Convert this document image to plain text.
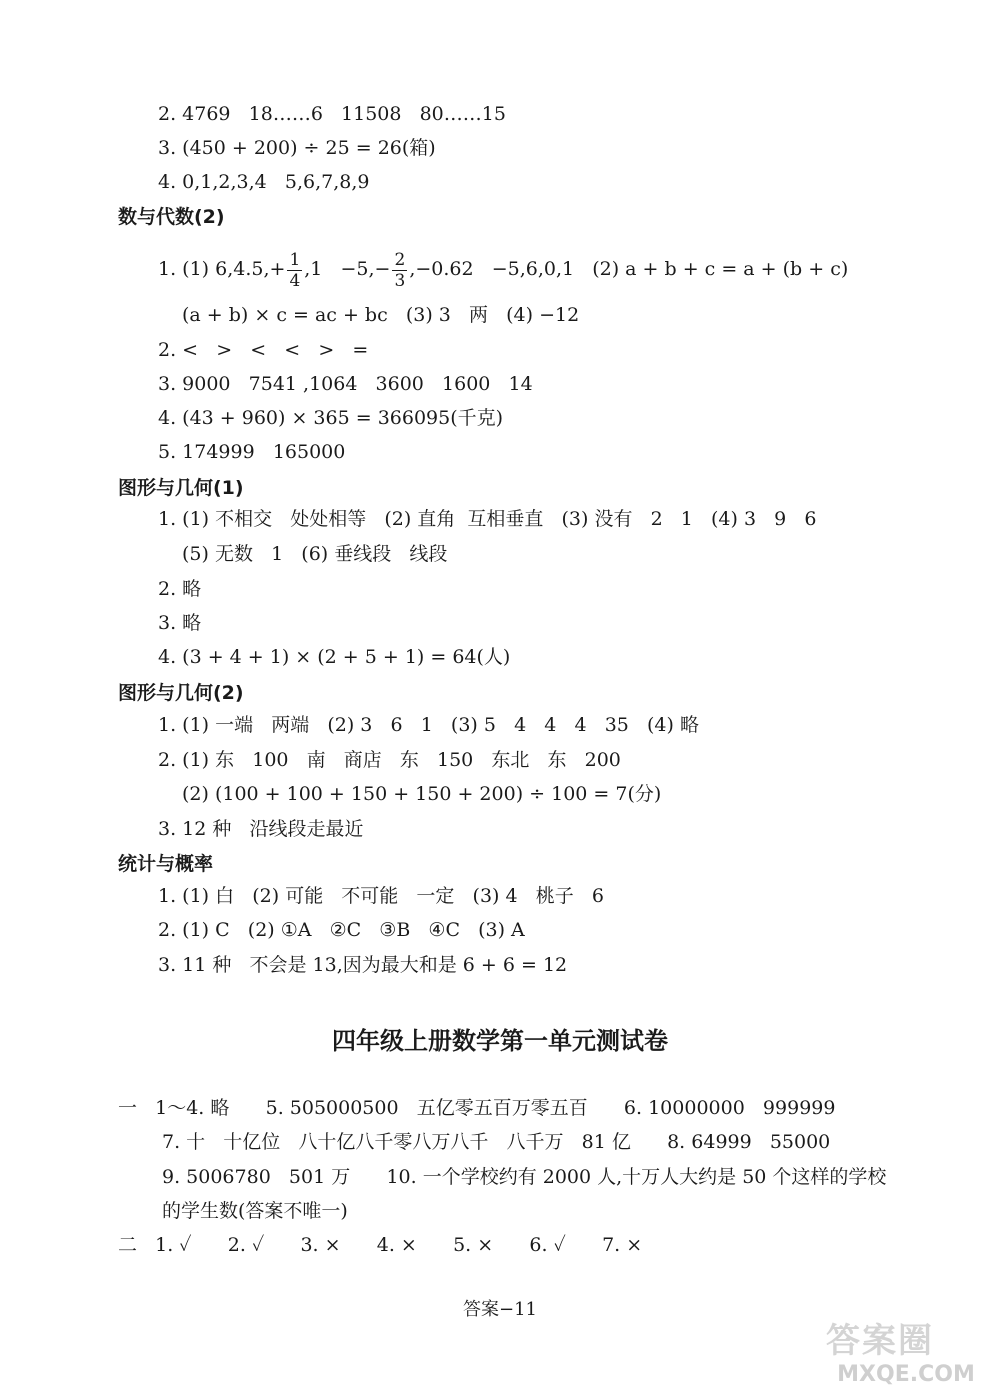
2. 4769   18……6   11508   80……15
3. (450 + 200) ÷ 25 = 26(箱)
4. 0,1,2,3,4   5,6,7,8,9
数与代数(2)
1. (1) $6,4.5,+ \frac{1}{4} ,1 -5,- \frac{2}{3} ,-0.62 -5,6,0,1$   (2) a + b + c = a + (b + c)
(a + b) × c = ac + bc   (3) 3   两   (4) −12
2. <   >   <   <   >   =
3. 9000   7541 ,1064   3600   1600   14
4. (43 + 960) × 365 = 366095(千克)
5. 174999   165000
图形与几何(1)
1. (1) 不相交   处处相等   (2) 直角  互相垂直   (3) 没有   2   1   (4) 3   9   6
(5) 无数   1   (6) 垂线段   线段
2. 略
3. 略
4. (3 + 4 + 1) × (2 + 5 + 1) = 64(人)
图形与几何(2)
1. (1) 一端   两端   (2) 3   6   1   (3) 5   4   4   4   35   (4) 略
2. (1) 东   100   南   商店   东   150   东北   东   200
(2) (100 + 100 + 150 + 150 + 200) ÷ 100 = 7(分)
3. 12 种   沿线段走最近
统计与概率
1. (1) 白   (2) 可能   不可能   一定   (3) 4   桃子   6
2. (1) C   (2) ①A   ②C   ③B   ④C   (3) A
3. 11 种   不会是 13,因为最大和是 6 + 6 = 12
四年级上册数学第一单元测试卷
一   1～4. 略      5. 505000500   五亿零五百万零五百      6. 10000000   999999
7. 十   十亿位   八十亿八千零八万八千   八千万   81 亿      8. 64999   55000
9. 5006780   501 万      10. 一个学校约有 2000 人,十万人大约是 50 个这样的学校
的学生数(答案不唯一)
二   1. ✓      2. ✓      3. ×      4. ×      5. ×      6. ✓      7. ×
答案−11
答案圈
MXQE.COM
